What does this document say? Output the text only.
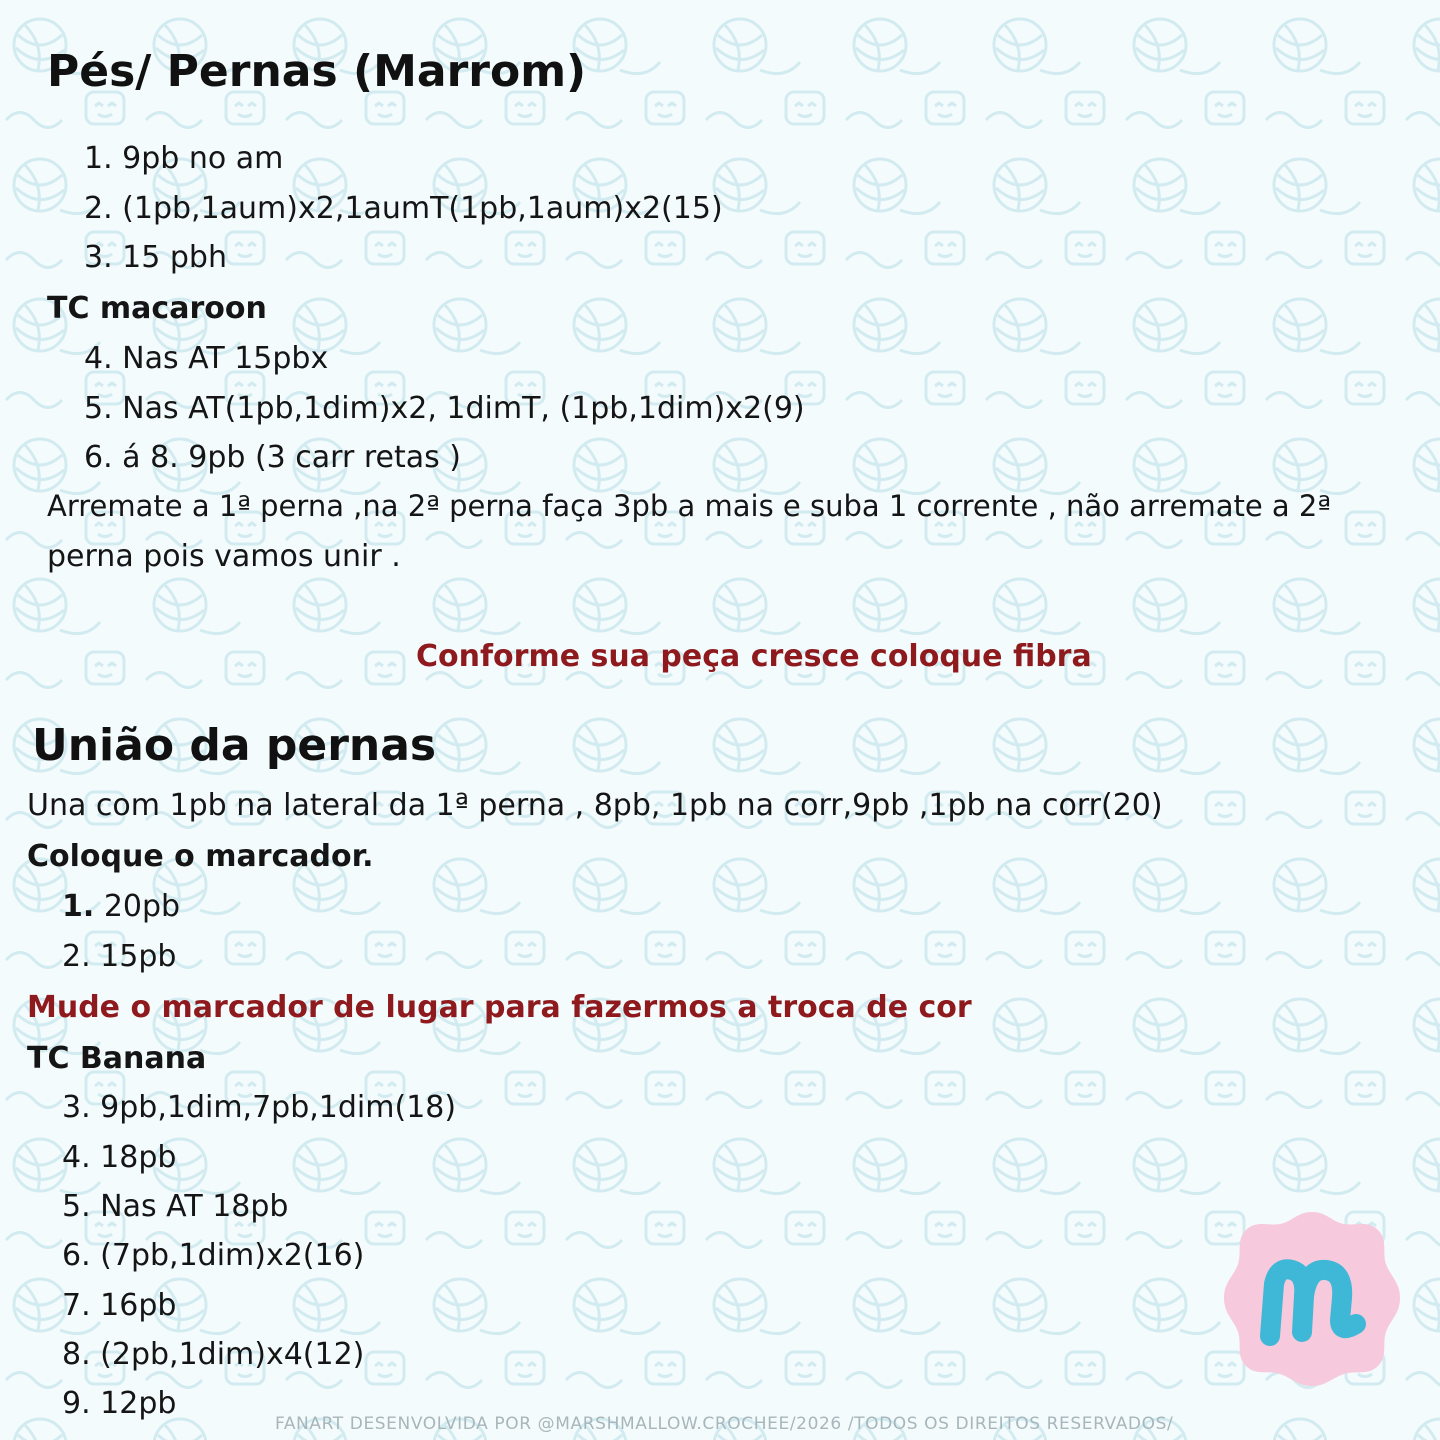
Pés/ Pernas (Marrom)
1. 9pb no am
2. (1pb,1aum)x2,1aumT(1pb,1aum)x2(15)
3. 15 pbh
TC macaroon
4. Nas AT 15pbx
5. Nas AT(1pb,1dim)x2, 1dimT, (1pb,1dim)x2(9)
6. á 8. 9pb (3 carr retas )
Arremate a 1ª perna ,na 2ª perna faça 3pb a mais e suba 1 corrente , não arremate a 2ª
perna pois vamos unir .
Conforme sua peça cresce coloque fibra
União da pernas
Una com 1pb na lateral da 1ª perna , 8pb, 1pb na corr,9pb ,1pb na corr(20)
Coloque o marcador.
1. 20pb
2. 15pb
Mude o marcador de lugar para fazermos a troca de cor
TC Banana
3. 9pb,1dim,7pb,1dim(18)
4. 18pb
5. Nas AT 18pb
6. (7pb,1dim)x2(16)
7. 16pb
8. (2pb,1dim)x4(12)
9. 12pb
FANART DESENVOLVIDA POR @MARSHMALLOW.CROCHEE/2026 /TODOS OS DIREITOS RESERVADOS/
